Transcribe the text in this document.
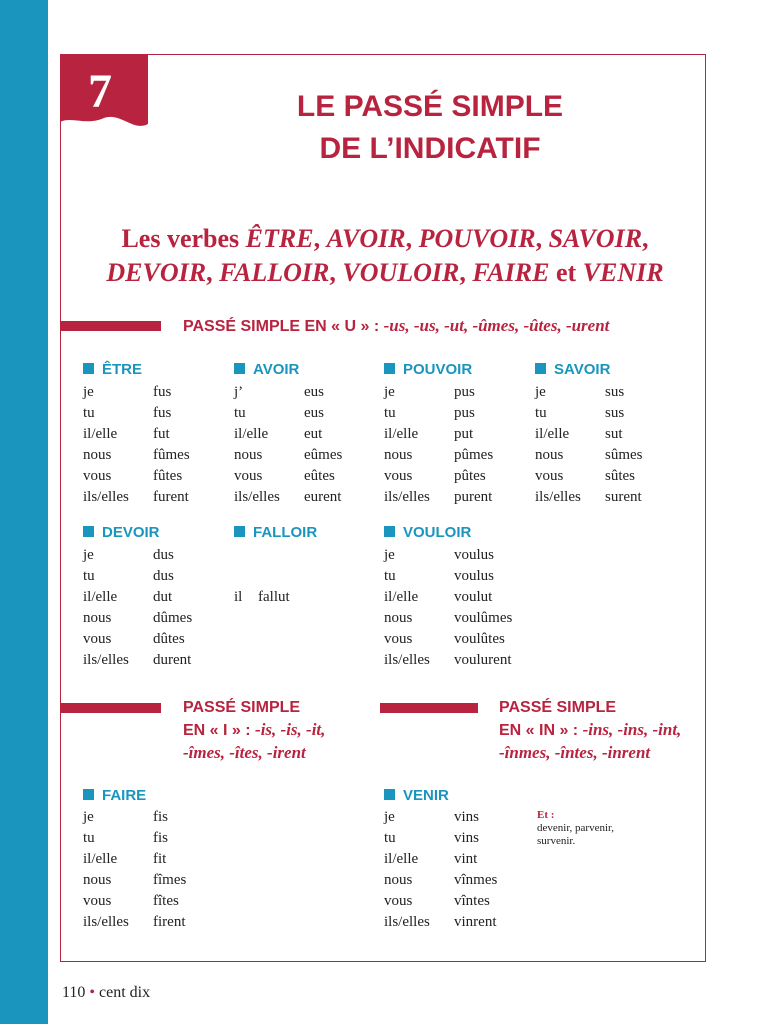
7	LE PASSÉ SIMPLE
DE L’INDICATIF
Les verbes ÊTRE, AVOIR, POUVOIR, SAVOIR,
DEVOIR, FALLOIR, VOULOIR, FAIRE et VENIR
PASSÉ SIMPLE EN « U » : -us, -us, -ut, -ûmes, -ûtes, -urent
ÊTRE
je	fus
tu	fus
il/elle fut
nous	fûmes
vous	fûtes
ils/elles furent
AVOIR
j’	eus
tu	eus
il/elle eut
nous	eûmes
vous	eûtes
ils/elles eurent
POUVOIR
je	pus
tu	pus
il/elle put
nous	pûmes
vous	pûtes
ils/elles purent
SAVOIR
je	sus
tu	sus
il/elle sut
nous	sûmes
vous	sûtes
ils/elles surent
DEVOIR
je	dus
tu	dus
il/elle dut
nous	dûmes
vous	dûtes
ils/elles durent
FALLOIR
il fallut
VOULOIR
je	voulus
tu	voulus
il/elle voulut
nous	voulûmes
vous	voulûtes
ils/elles voulurent
PASSÉ SIMPLE
EN « I » : -is, -is, -it,
-îmes, -îtes, -irent
PASSÉ SIMPLE
EN « IN » : -ins, -ins, -int,
-înmes, -întes, -inrent
FAIRE
je	fis
tu	fis
il/elle fit
nous	fîmes
vous	fîtes
ils/elles firent
VENIR
je	vins
tu	vins
il/elle vint
nous	vînmes
vous	vîntes
ils/elles vinrent
Et :
devenir, parvenir,
survenir.
110 • cent dix
